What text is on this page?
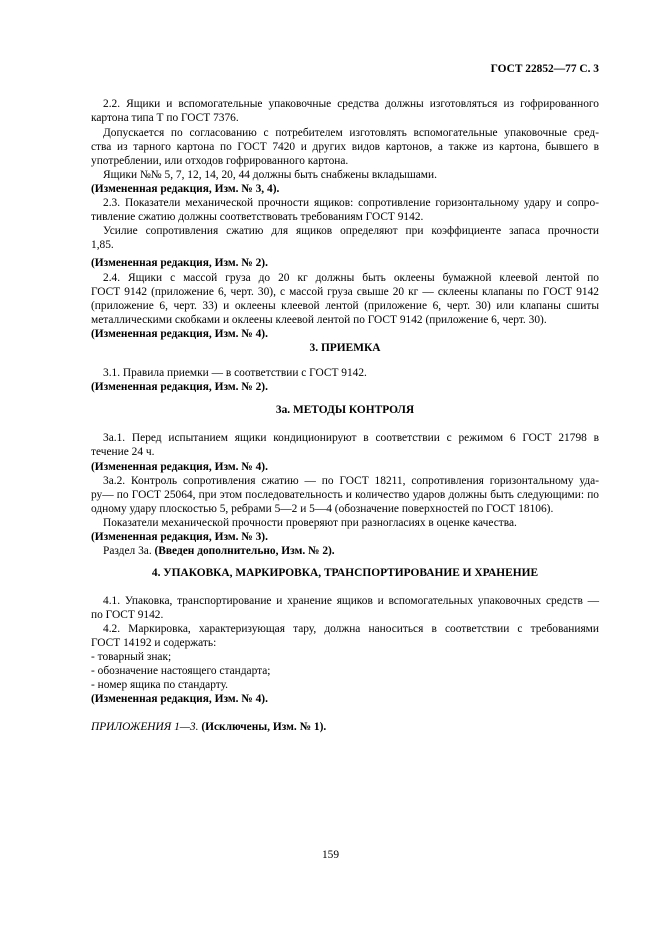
ГОСТ 22852—77 С. 3
2.2. Ящики и вспомогательные упаковочные средства должны изготовляться из гофрированного
картона типа Т по ГОСТ 7376.
Допускается по согласованию с потребителем изготовлять вспомогательные упаковочные сред-
ства из тарного картона по ГОСТ 7420 и других видов картонов, а также из картона, бывшего в
употреблении, или отходов гофрированного картона.
Ящики №№ 5, 7, 12, 14, 20, 44 должны быть снабжены вкладышами.
(Измененная редакция, Изм. № 3, 4).
2.3. Показатели механической прочности ящиков: сопротивление горизонтальному удару и сопро-
тивление сжатию должны соответствовать требованиям ГОСТ 9142.
Усилие сопротивления сжатию для ящиков определяют при коэффициенте запаса прочности
1,85.
(Измененная редакция, Изм. № 2).
2.4. Ящики с массой груза до 20 кг должны быть оклеены бумажной клеевой лентой по
ГОСТ 9142 (приложение 6, черт. 30), с массой груза свыше 20 кг — склеены клапаны по ГОСТ 9142
(приложение 6, черт. 33) и оклеены клеевой лентой (приложение 6, черт. 30) или клапаны сшиты
металлическими скобками и оклеены клеевой лентой по ГОСТ 9142 (приложение 6, черт. 30).
(Измененная редакция, Изм. № 4).
3. ПРИЕМКА
3.1. Правила приемки — в соответствии с ГОСТ 9142.
(Измененная редакция, Изм. № 2).
3а. МЕТОДЫ КОНТРОЛЯ
3а.1. Перед испытанием ящики кондиционируют в соответствии с режимом 6 ГОСТ 21798 в
течение 24 ч.
(Измененная редакция, Изм. № 4).
3а.2. Контроль сопротивления сжатию — по ГОСТ 18211, сопротивления горизонтальному уда-
ру— по ГОСТ 25064, при этом последовательность и количество ударов должны быть следующими: по
одному удару плоскостью 5, ребрами 5—2 и 5—4 (обозначение поверхностей по ГОСТ 18106).
Показатели механической прочности проверяют при разногласиях в оценке качества.
(Измененная редакция, Изм. № 3).
Раздел 3а. (Введен дополнительно, Изм. № 2).
4. УПАКОВКА, МАРКИРОВКА, ТРАНСПОРТИРОВАНИЕ И ХРАНЕНИЕ
4.1. Упаковка, транспортирование и хранение ящиков и вспомогательных упаковочных средств —
по ГОСТ 9142.
4.2. Маркировка, характеризующая тару, должна наноситься в соответствии с требованиями
ГОСТ 14192 и содержать:
- товарный знак;
- обозначение настоящего стандарта;
- номер ящика по стандарту.
(Измененная редакция, Изм. № 4).
ПРИЛОЖЕНИЯ 1—3. (Исключены, Изм. № 1).
159
